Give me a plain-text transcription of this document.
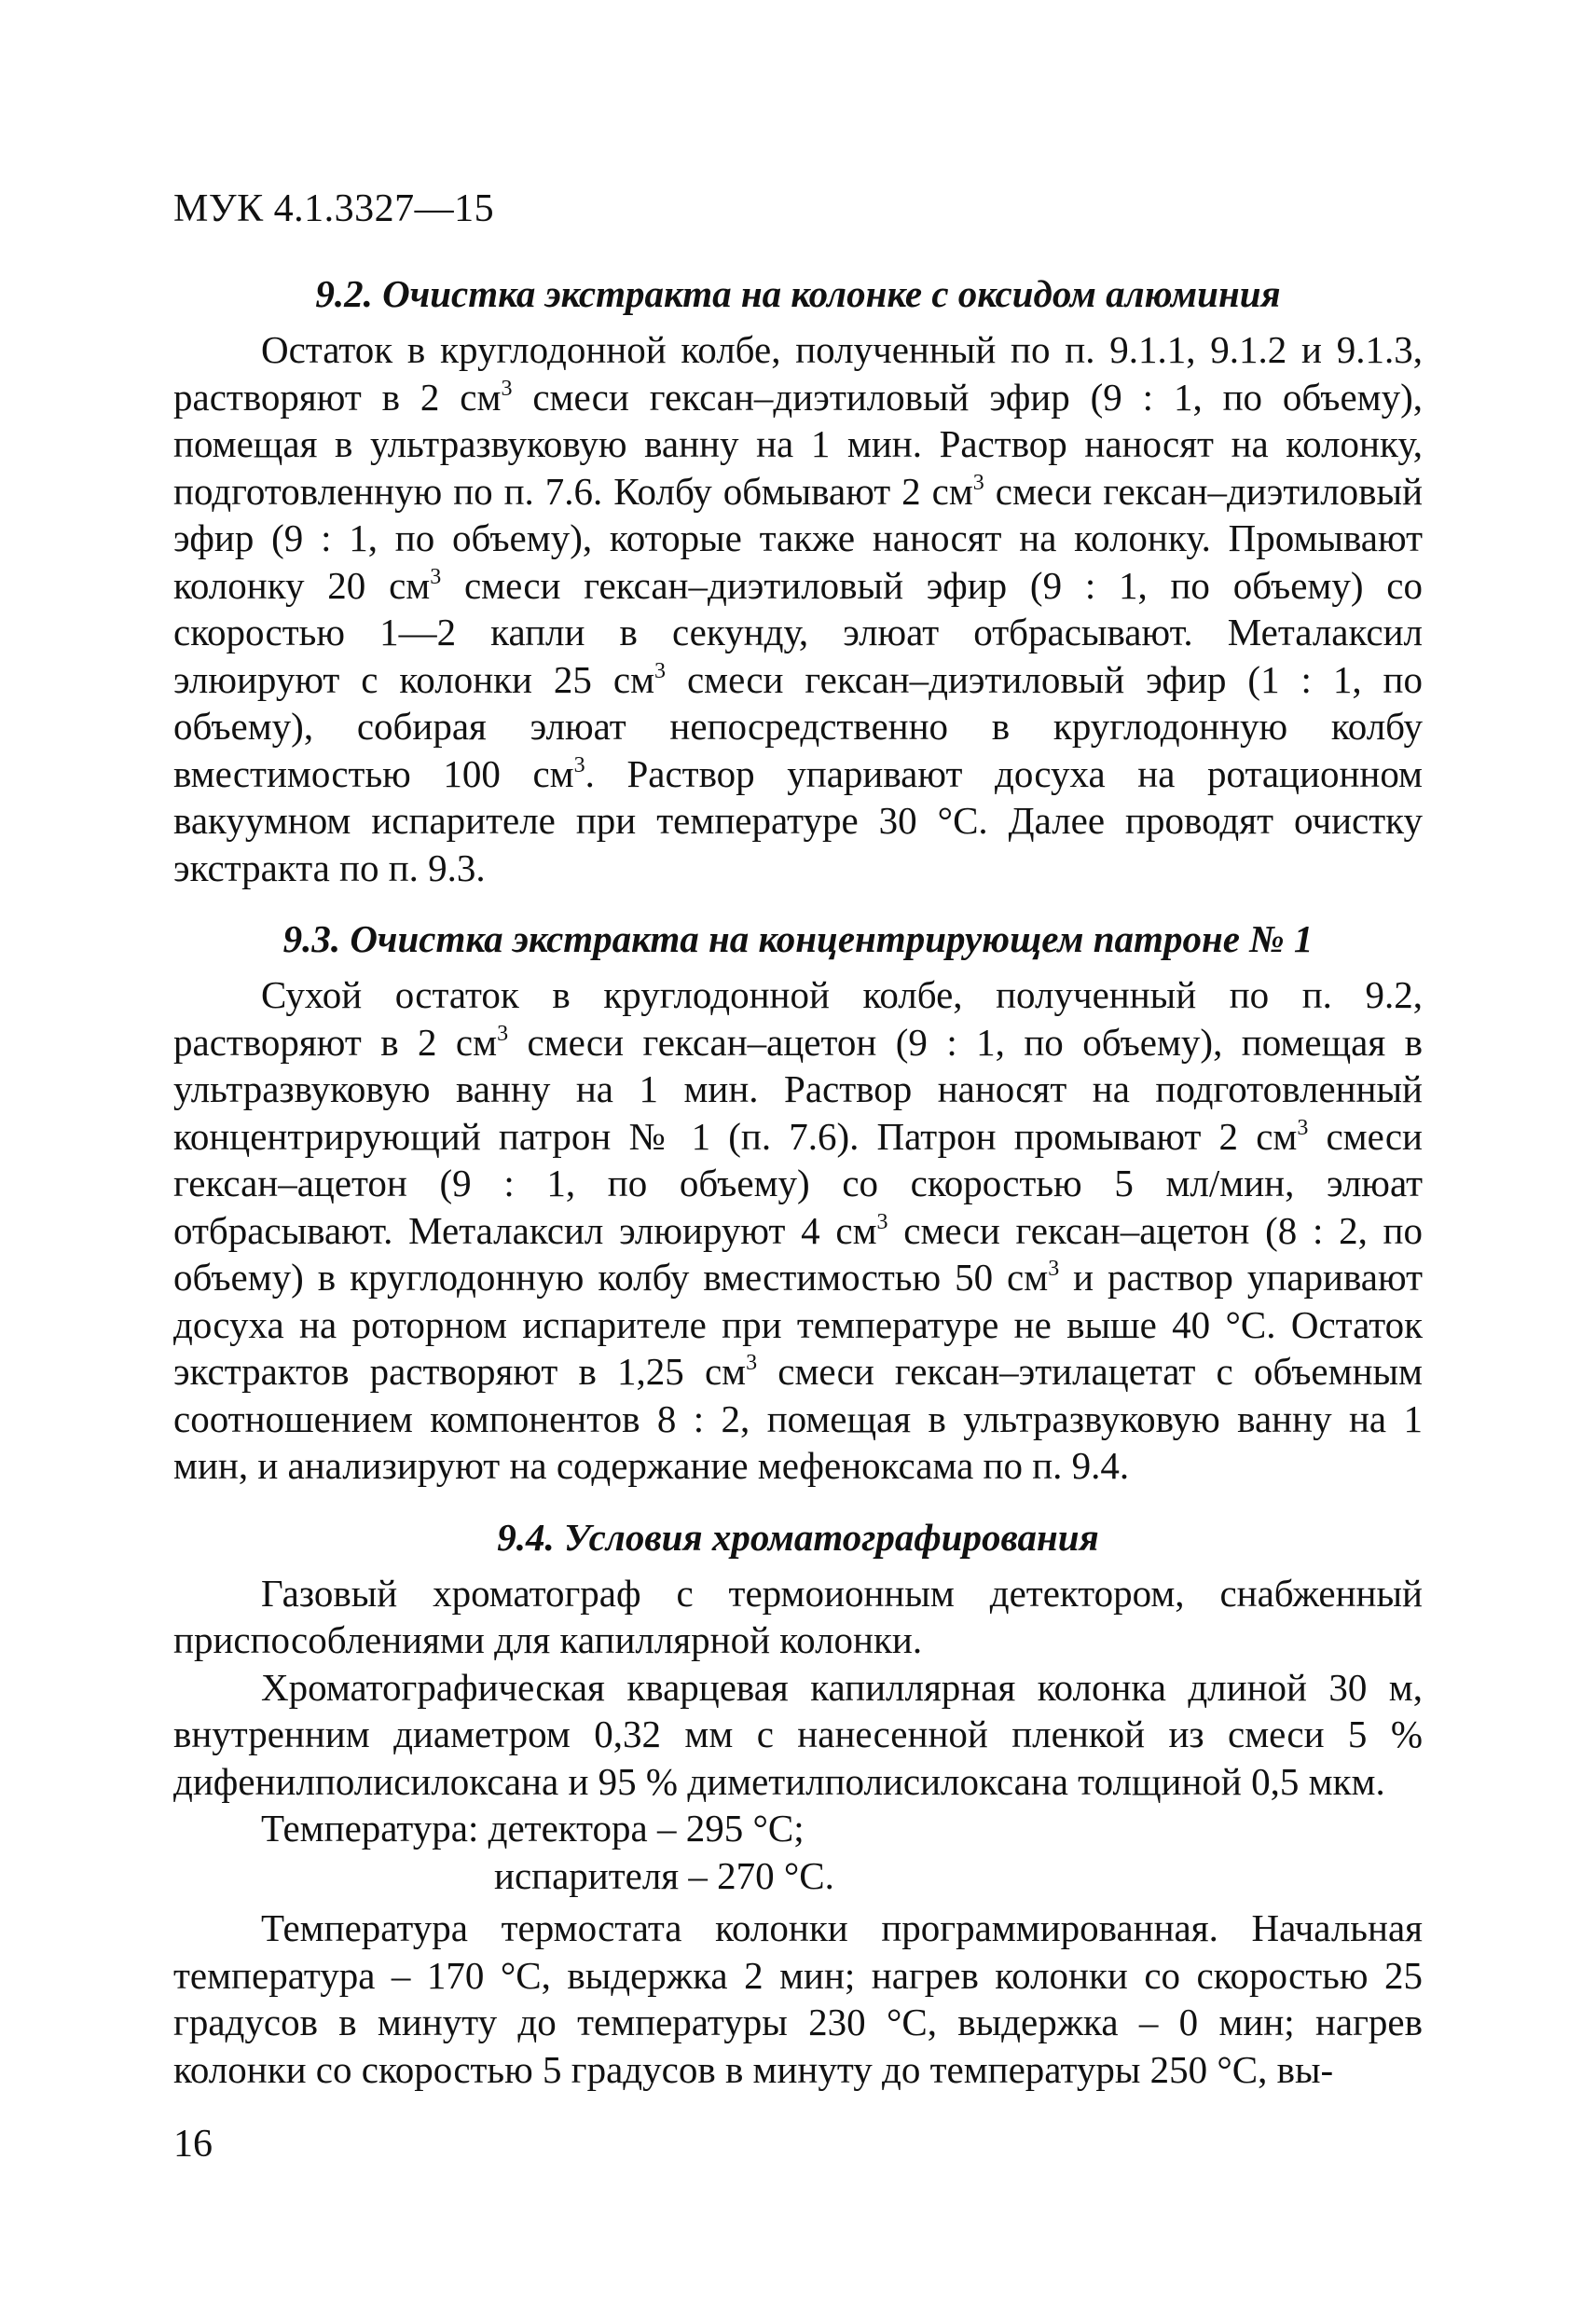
МУК 4.1.3327—15
9.2. Очистка экстракта на колонке с оксидом алюминия

Остаток в круглодонной колбе, полученный по п. 9.1.1, 9.1.2 и 9.1.3, растворяют в 2 $см^3$ смеси гексан–диэтиловый эфир (9 : 1, по объему), помещая в ультразвуковую ванну на 1 мин. Раствор наносят на колонку, подготовленную по п. 7.6. Колбу обмывают 2 $см^3$ смеси гексан–диэтиловый эфир (9 : 1, по объему), которые также наносят на колонку. Промывают колонку 20 $см^3$ смеси гексан–диэтиловый эфир (9 : 1, по объему) со скоростью 1—2 капли в секунду, элюат отбрасывают. Металаксил элюируют с колонки 25 $см^3$ смеси гексан–диэтиловый эфир (1 : 1, по объему), собирая элюат непосредственно в круглодонную колбу вместимостью 100 $см^3$. Раствор упаривают досуха на ротационном вакуумном испарителе при температуре 30 °С. Далее проводят очистку экстракта по п. 9.3.

9.3. Очистка экстракта на концентрирующем патроне № 1

Сухой остаток в круглодонной колбе, полученный по п. 9.2, растворяют в 2 $см^3$ смеси гексан–ацетон (9 : 1, по объему), помещая в ультразвуковую ванну на 1 мин. Раствор наносят на подготовленный концентрирующий патрон № 1 (п. 7.6). Патрон промывают 2 $см^3$ смеси гексан–ацетон (9 : 1, по объему) со скоростью 5 мл/мин, элюат отбрасывают. Металаксил элюируют 4 $см^3$ смеси гексан–ацетон (8 : 2, по объему) в круглодонную колбу вместимостью 50 $см^3$ и раствор упаривают досуха на роторном испарителе при температуре не выше 40 °С. Остаток экстрактов растворяют в 1,25 $см^3$ смеси гексан–этилацетат с объемным соотношением компонентов 8 : 2, помещая в ультразвуковую ванну на 1 мин, и анализируют на содержание мефеноксама по п. 9.4.

9.4. Условия хроматографирования

Газовый хроматограф с термоионным детектором, снабженный приспособлениями для капиллярной колонки.

Хроматографическая кварцевая капиллярная колонка длиной 30 м, внутренним диаметром 0,32 мм с нанесенной пленкой из смеси 5 % дифенилполисилоксана и 95 % диметилполисилоксана толщиной 0,5 мкм.

Температура: детектора – 295 °С;

испарителя – 270 °С.

Температура термостата колонки программированная. Начальная температура – 170 °С, выдержка 2 мин; нагрев колонки со скоростью 25 градусов в минуту до температуры 230 °С, выдержка – 0 мин; нагрев колонки со скоростью 5 градусов в минуту до температуры 250 °С, вы-

16
